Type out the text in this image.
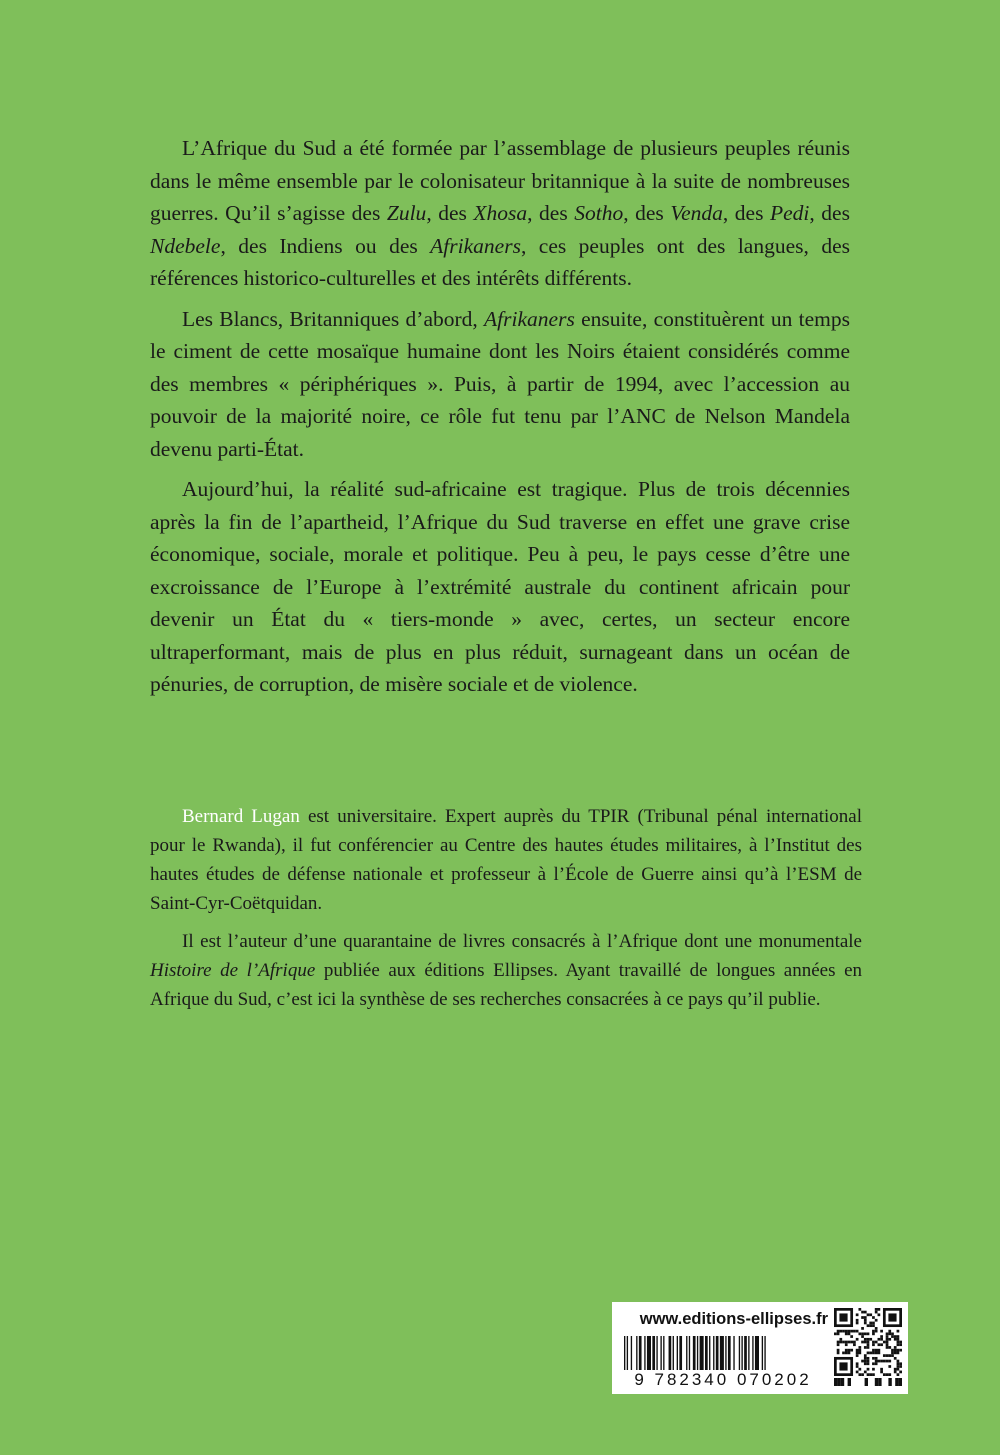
L’Afrique du Sud a été formée par l’assemblage de plusieurs peuples réunis dans le même ensemble par le colonisateur britannique à la suite de nombreuses guerres. Qu’il s’agisse des Zulu, des Xhosa, des Sotho, des Venda, des Pedi, des Ndebele, des Indiens ou des Afrikaners, ces peuples ont des langues, des références historico-culturelles et des intérêts différents.

Les Blancs, Britanniques d’abord, Afrikaners ensuite, constituèrent un temps le ciment de cette mosaïque humaine dont les Noirs étaient considérés comme des membres « périphériques ». Puis, à partir de 1994, avec l’accession au pouvoir de la majorité noire, ce rôle fut tenu par l’ANC de Nelson Mandela devenu parti-État.

Aujourd’hui, la réalité sud-africaine est tragique. Plus de trois décennies après la fin de l’apartheid, l’Afrique du Sud traverse en effet une grave crise économique, sociale, morale et politique. Peu à peu, le pays cesse d’être une excroissance de l’Europe à l’extrémité australe du continent africain pour devenir un État du « tiers-monde » avec, certes, un secteur encore ultraperformant, mais de plus en plus réduit, surnageant dans un océan de pénuries, de corruption, de misère sociale et de violence.

Bernard Lugan est universitaire. Expert auprès du TPIR (Tribunal pénal international pour le Rwanda), il fut conférencier au Centre des hautes études militaires, à l’Institut des hautes études de défense nationale et professeur à l’École de Guerre ainsi qu’à l’ESM de Saint-Cyr-Coëtquidan.

Il est l’auteur d’une quarantaine de livres consacrés à l’Afrique dont une monumentale Histoire de l’Afrique publiée aux éditions Ellipses. Ayant travaillé de longues années en Afrique du Sud, c’est ici la synthèse de ses recherches consacrées à ce pays qu’il publie.

www.editions-ellipses.fr
9 782340 070202
